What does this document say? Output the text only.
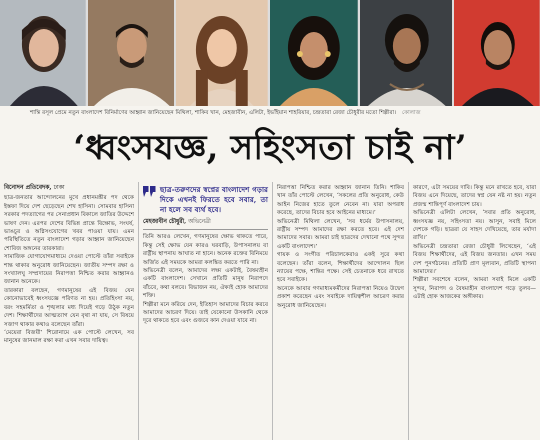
শান্তি রসূল প্রেমে নতুন বাংলাদেশ বিনির্মাণের আহ্বান জানিয়েছেন মিথিলা, শাকিব খান, মেহজাবীন, এলিটা, ইভাঁইয়ান শাহরিয়ার, চন্দ্রতারা রেজা চৌধুরীর মতো শিল্পীরা। কোলাজ
‘ধ্বংসযজ্ঞ, সহিংসতা চাই না’
বিনোদন প্রতিবেদক, ঢাকা

ছাত্র-জনতার আন্দোলনের মুখে প্রধানমন্ত্রীর পদ থেকে ইস্তফা দিয়ে দেশ ছেড়েছেন শেখ হাসিনা। সোমবার হাসিনা সরকার পদত্যাগের পর সেনাপ্রধান বিকালে জাতির উদ্দেশে ভাষণ দেন। এরপর দেশের বিভিন্ন প্রান্তে বিক্ষোভ, সংঘর্ষ, ভাঙচুর ও অগ্নিসংযোগের খবর পাওয়া যায়। এমন পরিস্থিতিতে নতুন বাংলাদেশ গড়ার আহ্বান জানিয়েছেন শোবিজ অঙ্গনের তারকারা।

সামাজিক যোগাযোগমাধ্যমে দেওয়া পোস্টে তাঁরা সবাইকে শান্ত থাকার অনুরোধ জানিয়েছেন। জাতীয় সম্পদ রক্ষা ও সংখ্যালঘু সম্প্রদায়ের নিরাপত্তা নিশ্চিত করার আহ্বানও জানান অনেকে।

তারকারা বলছেন, গণমানুষের এই বিজয় যেন কোনোভাবেই ধ্বংসযজ্ঞে পরিণত না হয়। প্রতিহিংসা নয়, বরং সহমর্মিতা ও শৃঙ্খলার মধ্য দিয়েই গড়ে উঠুক নতুন দেশ। শিক্ষার্থীদের আত্মত্যাগ যেন বৃথা না যায়, সে বিষয়ে সজাগ থাকার কথাও বলেছেন তাঁরা।

‘মেয়েরা বিজয়ী’ শিরোনামে এক পোস্টে লেখেন, সব মানুষের জানমাল রক্ষা করা এখন সবার দায়িত্ব।

ছাত্র-তরুণদের স্বপ্নের বাংলাদেশ গড়ার দিকে এখনই ফিরতে হবে সবার, তা না হলে সব ব্যর্থ হবে।
মেহজাবীন চৌধুরী, অভিনেত্রী

তিনি আরও লেখেন, গণমানুষের ক্ষোভ থাকতে পারে, কিন্তু সেই ক্ষোভ যেন কারও ঘরবাড়ি, উপাসনালয় বা রাষ্ট্রীয় স্থাপনায় আঘাত না হানে। অনেক রক্তের বিনিময়ে অর্জিত এই সময়কে আমরা কলঙ্কিত করতে পারি না।

অভিনেত্রী বলেন, আমাদের লক্ষ্য একটাই, বৈষম্যহীন একটি বাংলাদেশ। সেখানে প্রতিটি মানুষ নিরাপদে বাঁচবে, কথা বলবে। বিভাজন নয়, ঐক্যই হোক আমাদের শক্তি।

শিল্পীরা মনে করিয়ে দেন, ইতিহাস আমাদের বিচার করবে আমাদের আচরণ দিয়ে। তাই যেকোনো উসকানি থেকে দূরে থাকতে হবে এবং গুজবে কান দেওয়া যাবে না।

নিরাপত্তা নিশ্চিত করার আহ্বান জানান তিনি। শাকিব খান তাঁর পোস্টে লেখেন, ‘সকলের প্রতি অনুরোধ, কেউ আইন নিজের হাতে তুলে নেবেন না। যারা অপরাধ করেছে, তাদের বিচার হবে আইনের মাধ্যমে।’

অভিনেত্রী মিথিলা লেখেন, ‘সব ধর্মের উপাসনালয়, রাষ্ট্রীয় সম্পদ আমাদের রক্ষা করতে হবে। এই দেশ আমাদের সবার। আমরা চাই ছাত্রদের দেখানো পথে সুন্দর একটি বাংলাদেশ।’

গায়ক ও সংগীত পরিচালকেরাও একই সুরে কথা বলেছেন। তাঁরা বলেন, শিক্ষার্থীদের আন্দোলন ছিল ন্যায়ের পক্ষে, শান্তির পক্ষে। সেই চেতনাকে ধরে রাখতে হবে সবাইকে।

অনেকে আবার গণমাধ্যমকর্মীদের নিরাপত্তা নিয়েও উদ্বেগ প্রকাশ করেছেন এবং সবাইকে দায়িত্বশীল আচরণ করার অনুরোধ জানিয়েছেন।

কারণে, এটা সময়ের দাবি। কিন্তু মনে রাখতে হবে, যারা বিজয় এনে দিয়েছে, তাদের স্বপ্ন যেন নষ্ট না হয়। নতুন প্রজন্ম শান্তিপূর্ণ বাংলাদেশ চায়।

অভিনেত্রী এলিটা লেখেন, ‘সবার প্রতি অনুরোধ, ধ্বংসযজ্ঞ নয়, সহিংসতা নয়। আসুন, সবাই মিলে দেশকে গড়ি। ছাত্ররা যে সাহস দেখিয়েছে, তার মর্যাদা রাখি।’

অভিনেত্রী চন্দ্রতারা রেজা চৌধুরী লিখেছেন, ‘এই বিজয় শিক্ষার্থীদের, এই বিজয় জনতার। এখন সময় দেশ পুনর্গঠনের। প্রতিটি প্রাণ মূল্যবান, প্রতিটি স্থাপনা আমাদের।’

শিল্পীরা সবশেষে বলেন, আমরা সবাই মিলে একটি সুন্দর, নিরাপদ ও বৈষম্যহীন বাংলাদেশ গড়ে তুলব—এটাই হোক আজকের অঙ্গীকার।
